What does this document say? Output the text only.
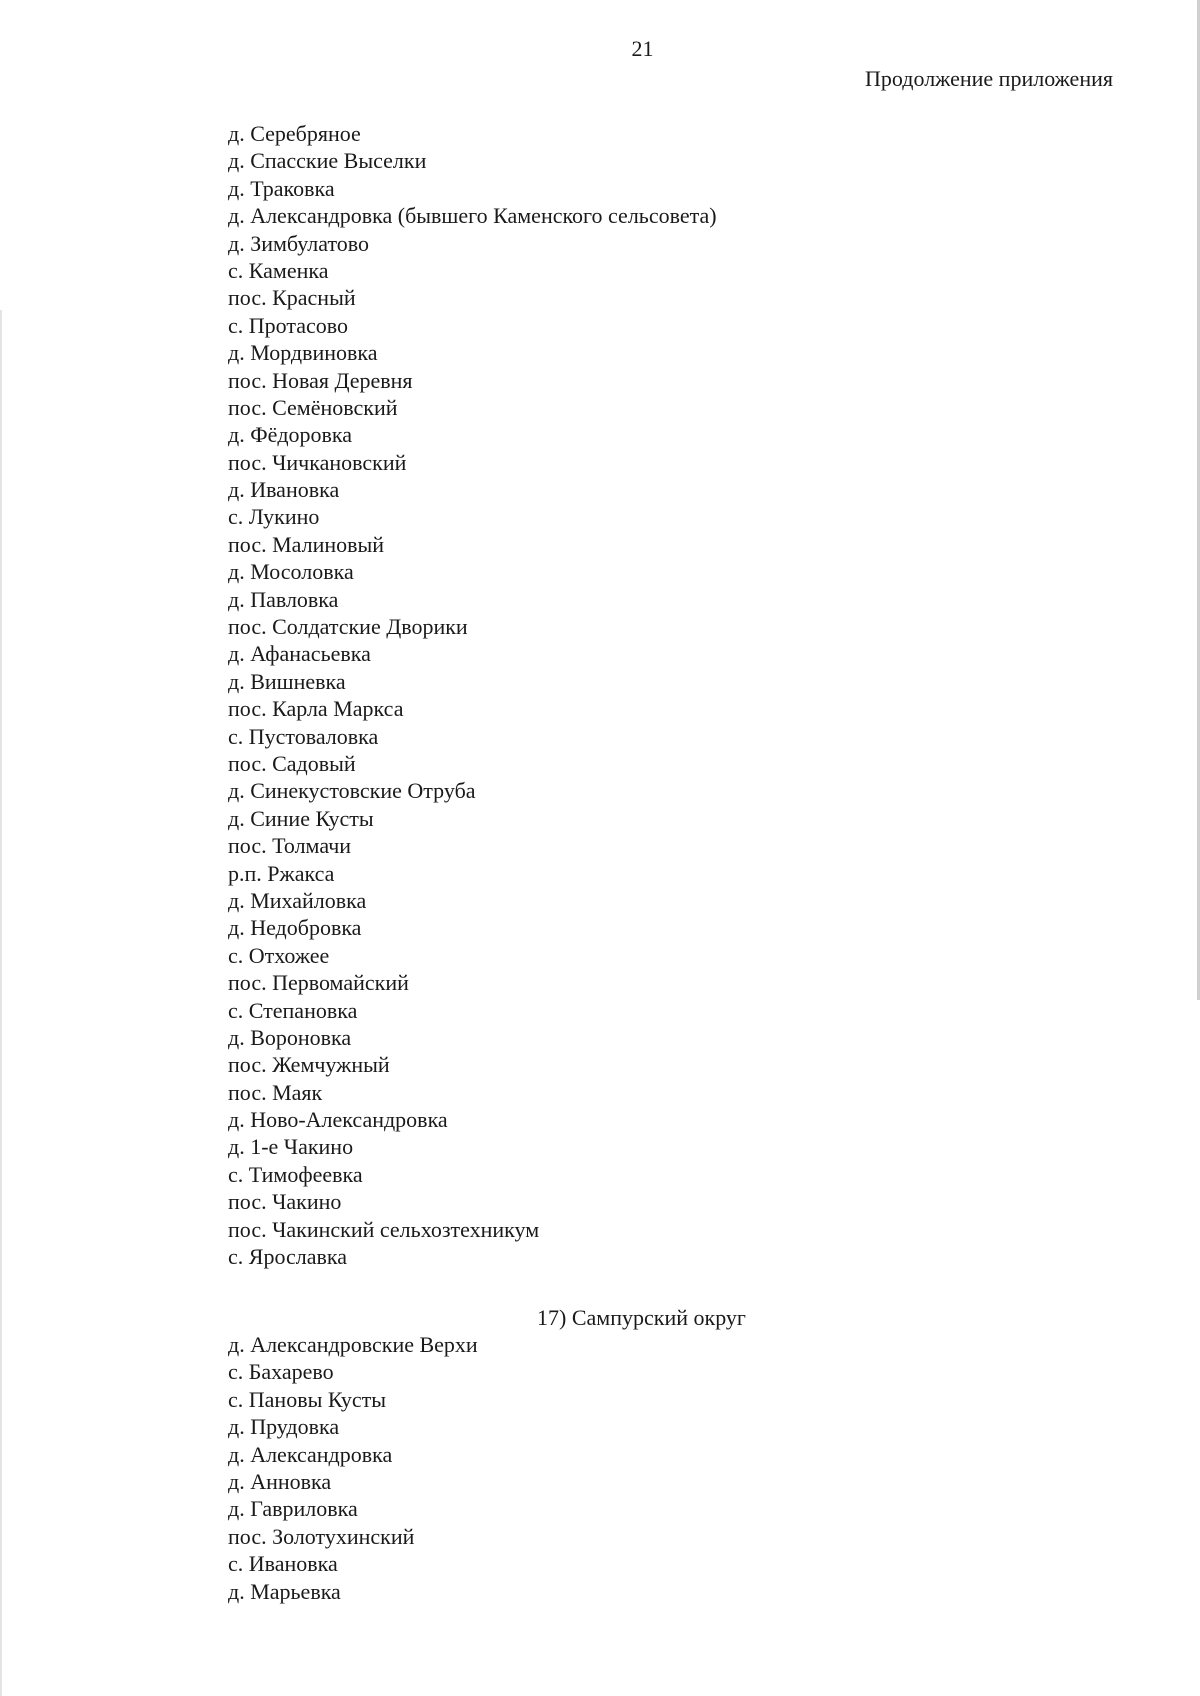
21
Продолжение приложения
д. Серебряное
д. Спасские Выселки
д. Траковка
д. Александровка (бывшего Каменского сельсовета)
д. Зимбулатово
с. Каменка
пос. Красный
с. Протасово
д. Мордвиновка
пос. Новая Деревня
пос. Семёновский
д. Фёдоровка
пос. Чичкановский
д. Ивановка
с. Лукино
пос. Малиновый
д. Мосоловка
д. Павловка
пос. Солдатские Дворики
д. Афанасьевка
д. Вишневка
пос. Карла Маркса
с. Пустоваловка
пос. Садовый
д. Синекустовские Отруба
д. Синие Кусты
пос. Толмачи
р.п. Ржакса
д. Михайловка
д. Недобровка
с. Отхожее
пос. Первомайский
с. Степановка
д. Вороновка
пос. Жемчужный
пос. Маяк
д. Ново-Александровка
д. 1-е Чакино
с. Тимофеевка
пос. Чакино
пос. Чакинский сельхозтехникум
с. Ярославка
17) Сампурский округ
д. Александровские Верхи
с. Бахарево
с. Пановы Кусты
д. Прудовка
д. Александровка
д. Анновка
д. Гавриловка
пос. Золотухинский
с. Ивановка
д. Марьевка
